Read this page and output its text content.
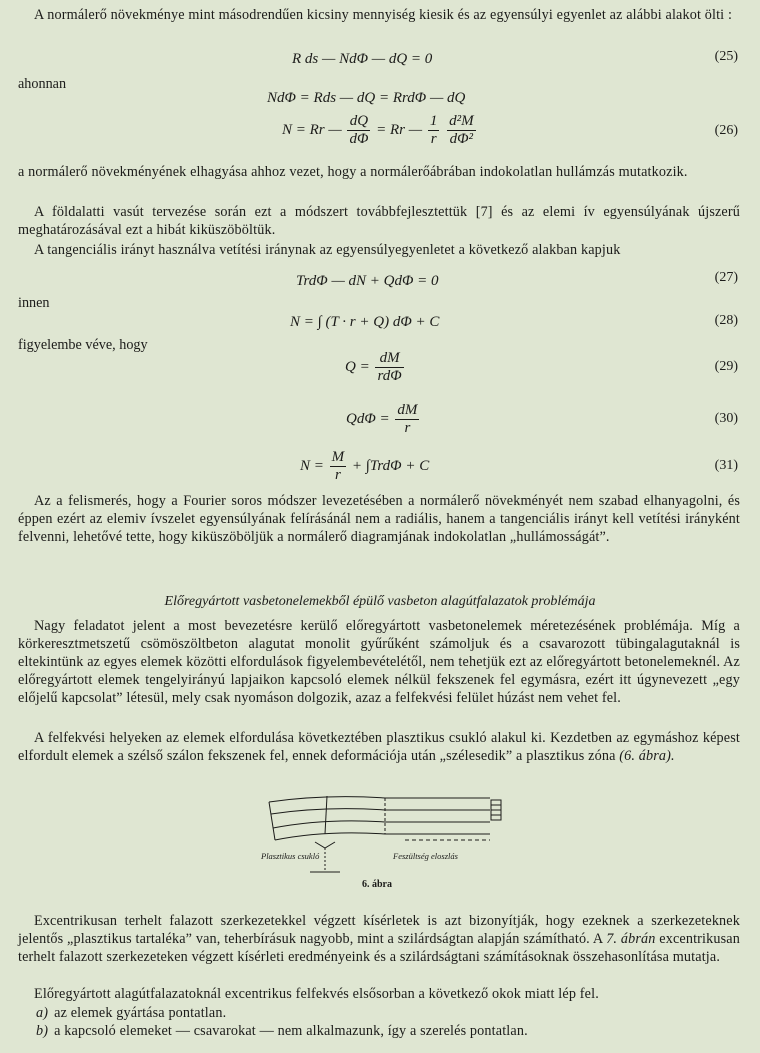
A normálerő növekménye mint másodrendűen kicsiny mennyiség kiesik és az egyensúlyi egyenlet az alábbi alakot ölti :

R ds — NdΦ — dQ = 0	(25)
ahonnan
NdΦ = Rds — dQ = RrdΦ — dQ
N = Rr — $\frac{dQ}{d\Phi} = Rr$ — $\frac{1}{r}$
$\frac{\text{d²M}}{\text{dΦ²}}$	(26)

a normálerő növekményének elhagyása ahhoz vezet, hogy a normálerőábrában indokolatlan hullámzás mutatkozik.

A földalatti vasút tervezése során ezt a módszert továbbfejlesztettük [7] és az elemi ív egyensúlyának újszerű meghatározásával ezt a hibát kiküszöböltük.

A tangenciális irányt használva vetítési iránynak az egyensúlyegyenletet a következő alakban kapjuk

TrdΦ — dN + QdΦ = 0	(27)
innen
N = ∫ (T · r + Q) dΦ + C	(28)
figyelembe véve, hogy
$Q = \frac{dM}{\text{rdΦ}}$	(29)
$Qd\Phi = \frac{dM}{r}$	(30)
$N = \frac{M}{r} + \int Trd\Phi + C$	(31)

Az a felismerés, hogy a Fourier soros módszer levezetésében a normálerő növekményét nem szabad elhanyagolni, és éppen ezért az elemiv ívszelet egyensúlyának felírásánál nem a radiális, hanem a tangenciális irányt kell vetítési irányként felvenni, lehetővé tette, hogy kiküszöböljük a normálerő diagramjának indokolatlan „hullámosságát”.

Előregyártott vasbetonelemekből épülő vasbeton alagútfalazatok problémája

Nagy feladatot jelent a most bevezetésre kerülő előregyártott vasbetonelemek méretezésének problémája. Míg a körkeresztmetszetű csömöszöltbeton alagutat monolit gyűrűként számoljuk és a csavarozott tübingalagutaknál is eltekintünk az egyes elemek közötti elfordulások figyelembevételétől, nem tehetjük ezt az előregyártott betonelemeknél. Az előregyártott elemek tengelyirányú lapjaikon kapcsoló elemek nélkül fekszenek fel egymásra, ezért itt úgynevezett „egy előjelű kapcsolat” létesül, mely csak nyomáson dolgozik, azaz a felfekvési felület húzást nem vehet fel.

A felfekvési helyeken az elemek elfordulása következtében plasztikus csukló alakul ki. Kezdetben az egymáshoz képest elfordult elemek a szélső szálon fekszenek fel, ennek deformációja után „szélesedik” a plasztikus zóna (6. ábra).

Plasztikus csukló	Feszültség eloszlás
6. ábra

Excentrikusan terhelt falazott szerkezetekkel végzett kísérletek is azt bizonyítják, hogy ezeknek a szerkezeteknek jelentős „plasztikus tartaléka” van, teherbírásuk nagyobb, mint a szilárdságtan alapján számítható. A 7. ábrán excentrikusan terhelt falazott szerkezeteken végzett kísérleti eredményeink és a szilárdságtani számításoknak összehasonlítása mutatja.

Előregyártott alagútfalazatoknál excentrikus felfekvés elsősorban a következő okok miatt lép fel.

a) az elemek gyártása pontatlan.
b) a kapcsoló elemeket — csavarokat — nem alkalmazunk, így a szerelés pontatlan.
